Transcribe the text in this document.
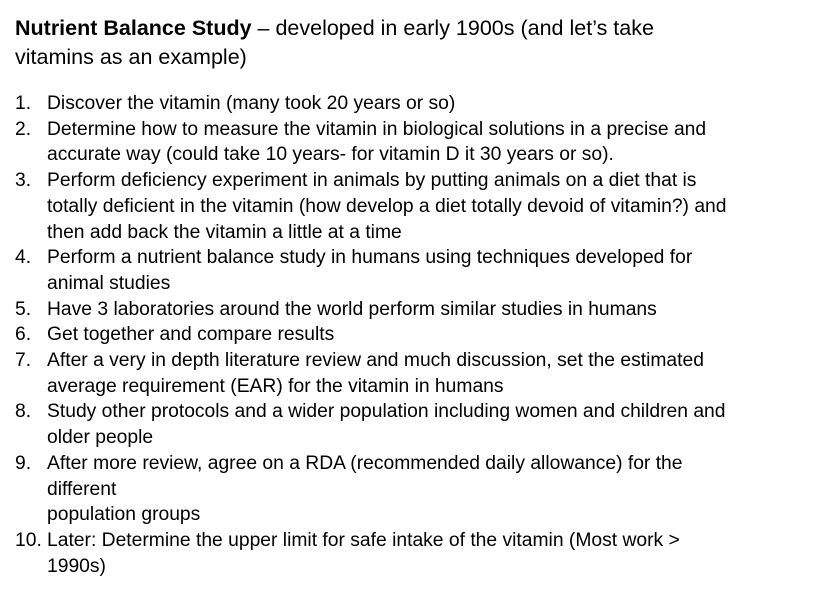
Nutrient Balance Study – developed in early 1900s (and let’s take
vitamins as an example)

1. Discover the vitamin (many took 20 years or so)
2. Determine how to measure the vitamin in biological solutions in a precise and
accurate way (could take 10 years- for vitamin D it 30 years or so).
3. Perform deficiency experiment in animals by putting animals on a diet that is
totally deficient in the vitamin (how develop a diet totally devoid of vitamin?) and
then add back the vitamin a little at a time
4. Perform a nutrient balance study in humans using techniques developed for
animal studies
5. Have 3 laboratories around the world perform similar studies in humans
6. Get together and compare results
7. After a very in depth literature review and much discussion, set the estimated
average requirement (EAR) for the vitamin in humans
8. Study other protocols and a wider population including women and children and
older people
9. After more review, agree on a RDA (recommended daily allowance) for the
different
population groups
10. Later: Determine the upper limit for safe intake of the vitamin (Most work >
1990s)
